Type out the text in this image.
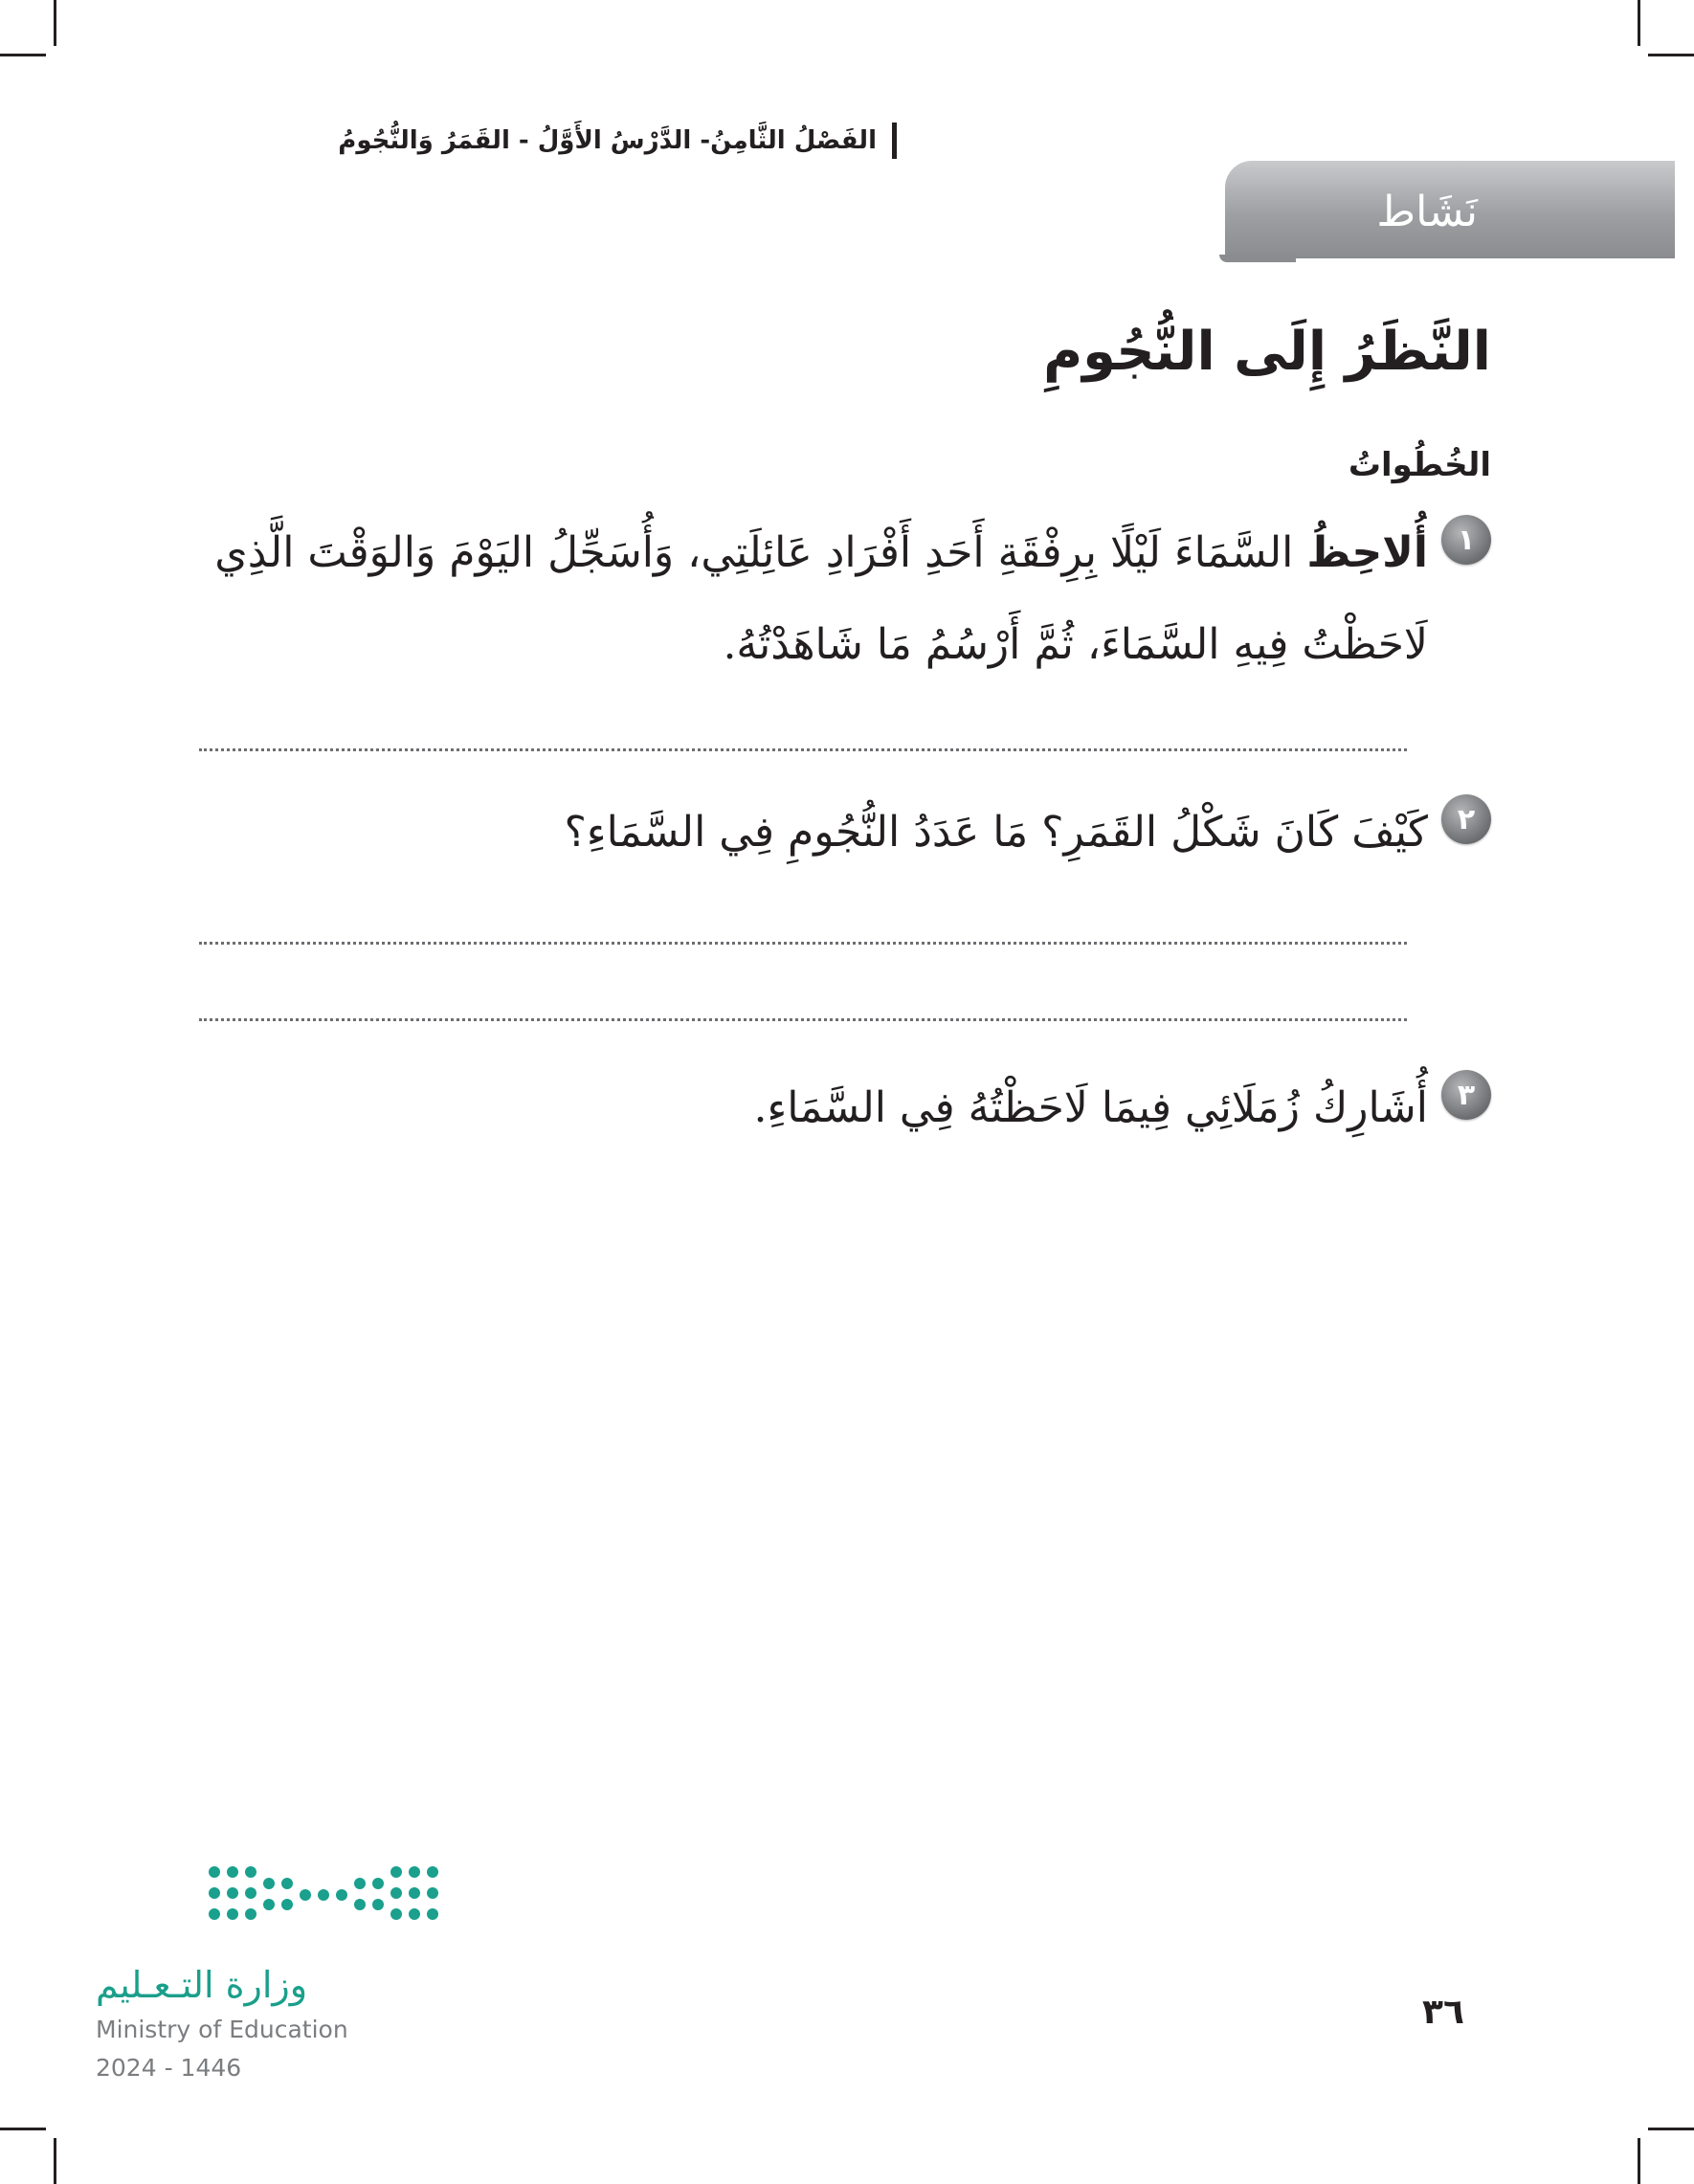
الفَصْلُ الثَّامِنُ- الدَّرْسُ الأَوَّلُ - القَمَرُ وَالنُّجُومُ
نَشَاط
النَّظَرُ إِلَى النُّجُومِ
الخُطُواتُ
١
أُلاحِظُ السَّمَاءَ لَيْلًا بِرِفْقَةِ أَحَدِ أَفْرَادِ عَائِلَتِي، وَأُسَجِّلُ اليَوْمَ وَالوَقْتَ الَّذِي لَاحَظْتُ فِيهِ السَّمَاءَ، ثُمَّ أَرْسُمُ مَا شَاهَدْتُهُ.
٢
كَيْفَ كَانَ شَكْلُ القَمَرِ؟ مَا عَدَدُ النُّجُومِ فِي السَّمَاءِ؟
٣
أُشَارِكُ زُمَلَائِي فِيمَا لَاحَظْتُهُ فِي السَّمَاءِ.
وزارة التـعـليم
Ministry of Education
2024 - 1446
٣٦
